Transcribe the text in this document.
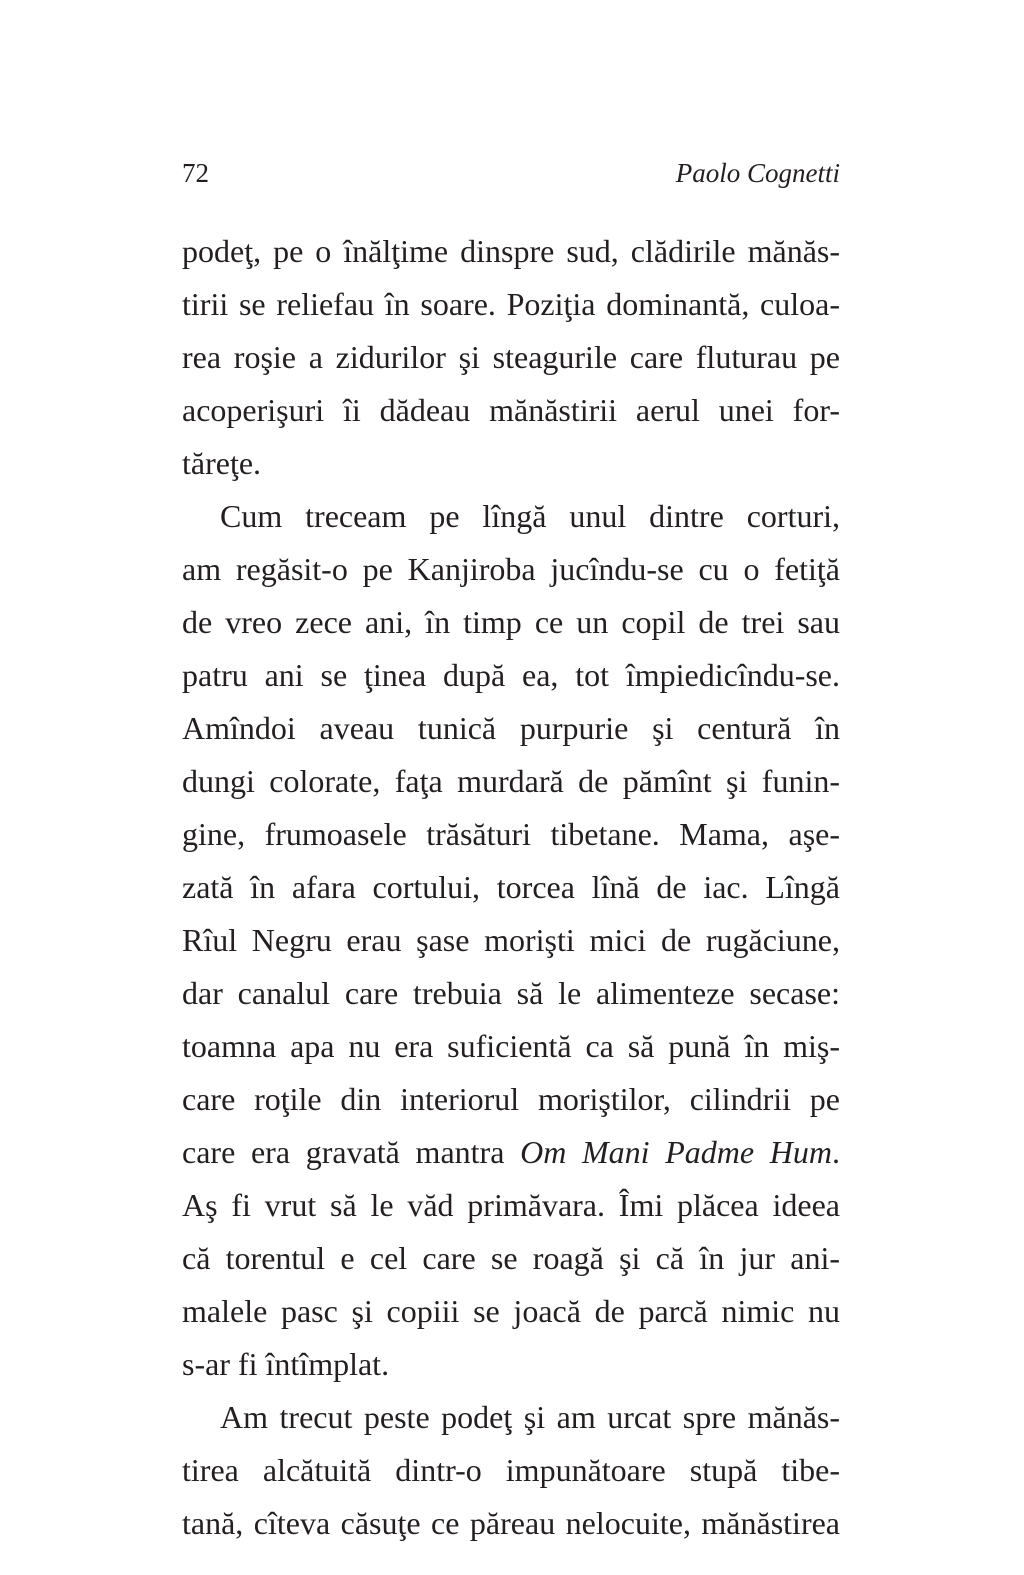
72	Paolo Cognetti
podeţ, pe o înălţime dinspre sud, clădirile mănăs-
tirii se reliefau în soare. Poziţia dominantă, culoa-
rea roşie a zidurilor şi steagurile care fluturau pe
acoperişuri îi dădeau mănăstirii aerul unei for-
tăreţe.
Cum treceam pe lîngă unul dintre corturi,
am regăsit-o pe Kanjiroba jucîndu-se cu o fetiţă
de vreo zece ani, în timp ce un copil de trei sau
patru ani se ţinea după ea, tot împiedicîndu-se.
Amîndoi aveau tunică purpurie şi centură în
dungi colorate, faţa murdară de pămînt şi funin-
gine, frumoasele trăsături tibetane. Mama, aşe-
zată în afara cortului, torcea lînă de iac. Lîngă
Rîul Negru erau şase morişti mici de rugăciune,
dar canalul care trebuia să le alimenteze secase:
toamna apa nu era suficientă ca să pună în miş-
care roţile din interiorul moriştilor, cilindrii pe
care era gravată mantra Om Mani Padme Hum.
Aş fi vrut să le văd primăvara. Îmi plăcea ideea
că torentul e cel care se roagă şi că în jur ani-
malele pasc şi copiii se joacă de parcă nimic nu
s-ar fi întîmplat.
Am trecut peste podeţ şi am urcat spre mănăs-
tirea alcătuită dintr-o impunătoare stupă tibe-
tană, cîteva căsuţe ce păreau nelocuite, mănăstirea
